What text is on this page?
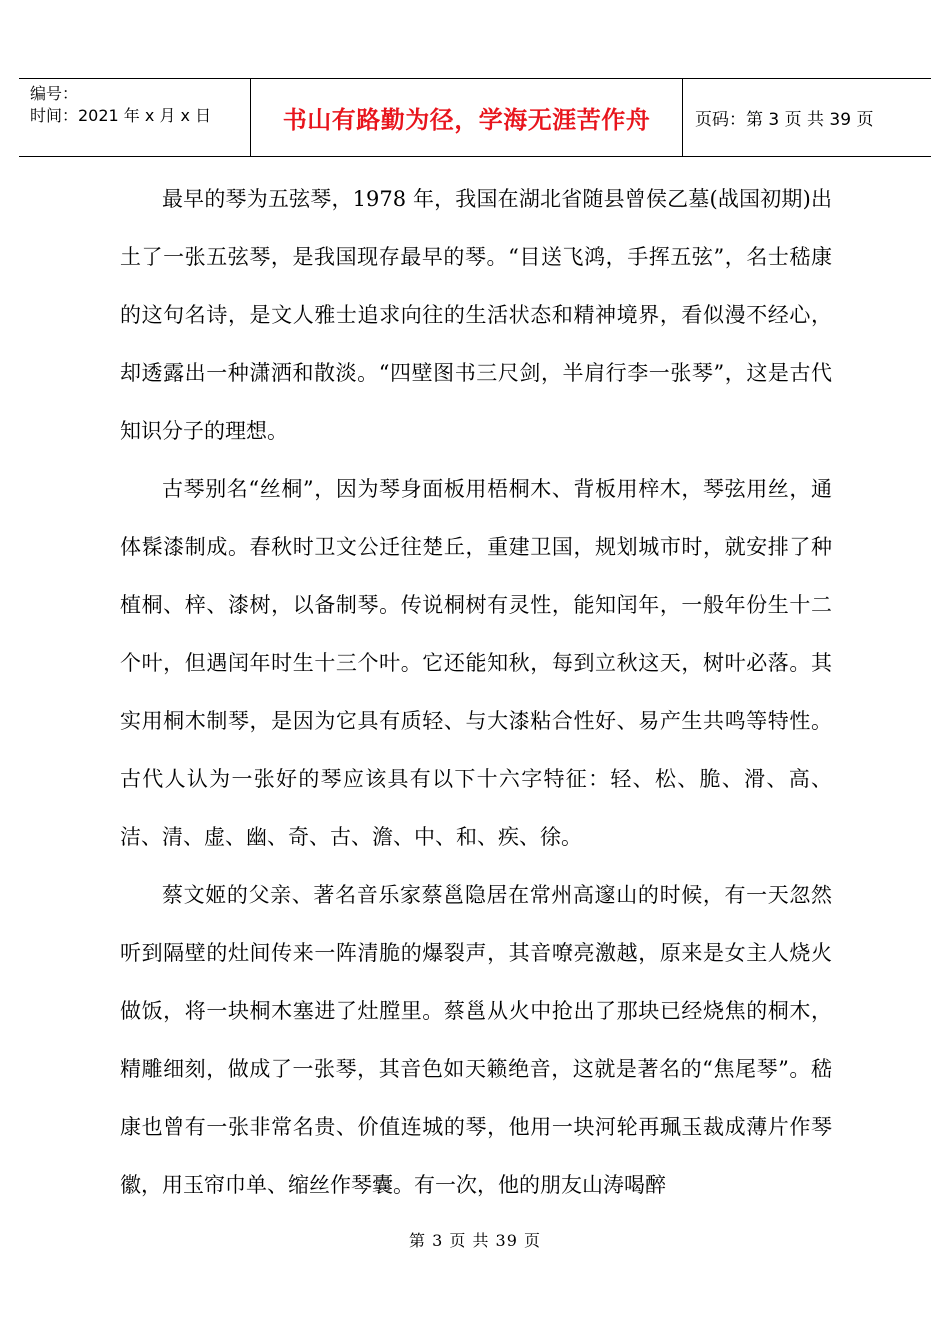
编号：
时间：2021 年 x 月 x 日	书山有路勤为径，学海无涯苦作舟	页码：第 3 页 共 39 页

最早的琴为五弦琴，1978 年，我国在湖北省随县曾侯乙墓(战国初期)出土了一张五弦琴，是我国现存最早的琴。“目送飞鸿，手挥五弦”，名士嵇康的这句名诗，是文人雅士追求向往的生活状态和精神境界，看似漫不经心，却透露出一种潇洒和散淡。“四壁图书三尺剑，半肩行李一张琴”，这是古代知识分子的理想。

古琴别名“丝桐”，因为琴身面板用梧桐木、背板用梓木，琴弦用丝，通体髹漆制成。春秋时卫文公迁往楚丘，重建卫国，规划城市时，就安排了种植桐、梓、漆树，以备制琴。传说桐树有灵性，能知闰年，一般年份生十二个叶，但遇闰年时生十三个叶。它还能知秋，每到立秋这天，树叶必落。其实用桐木制琴，是因为它具有质轻、与大漆粘合性好、易产生共鸣等特性。古代人认为一张好的琴应该具有以下十六字特征：轻、松、脆、滑、高、洁、清、虚、幽、奇、古、澹、中、和、疾、徐。

蔡文姬的父亲、著名音乐家蔡邕隐居在常州高邃山的时候，有一天忽然听到隔壁的灶间传来一阵清脆的爆裂声，其音嘹亮激越，原来是女主人烧火做饭，将一块桐木塞进了灶膛里。蔡邕从火中抢出了那块已经烧焦的桐木，精雕细刻，做成了一张琴，其音色如天籁绝音，这就是著名的“焦尾琴”。嵇康也曾有一张非常名贵、价值连城的琴，他用一块河轮再珮玉裁成薄片作琴徽，用玉帘巾单、缩丝作琴囊。有一次，他的朋友山涛喝醉

第 3 页 共 39 页
